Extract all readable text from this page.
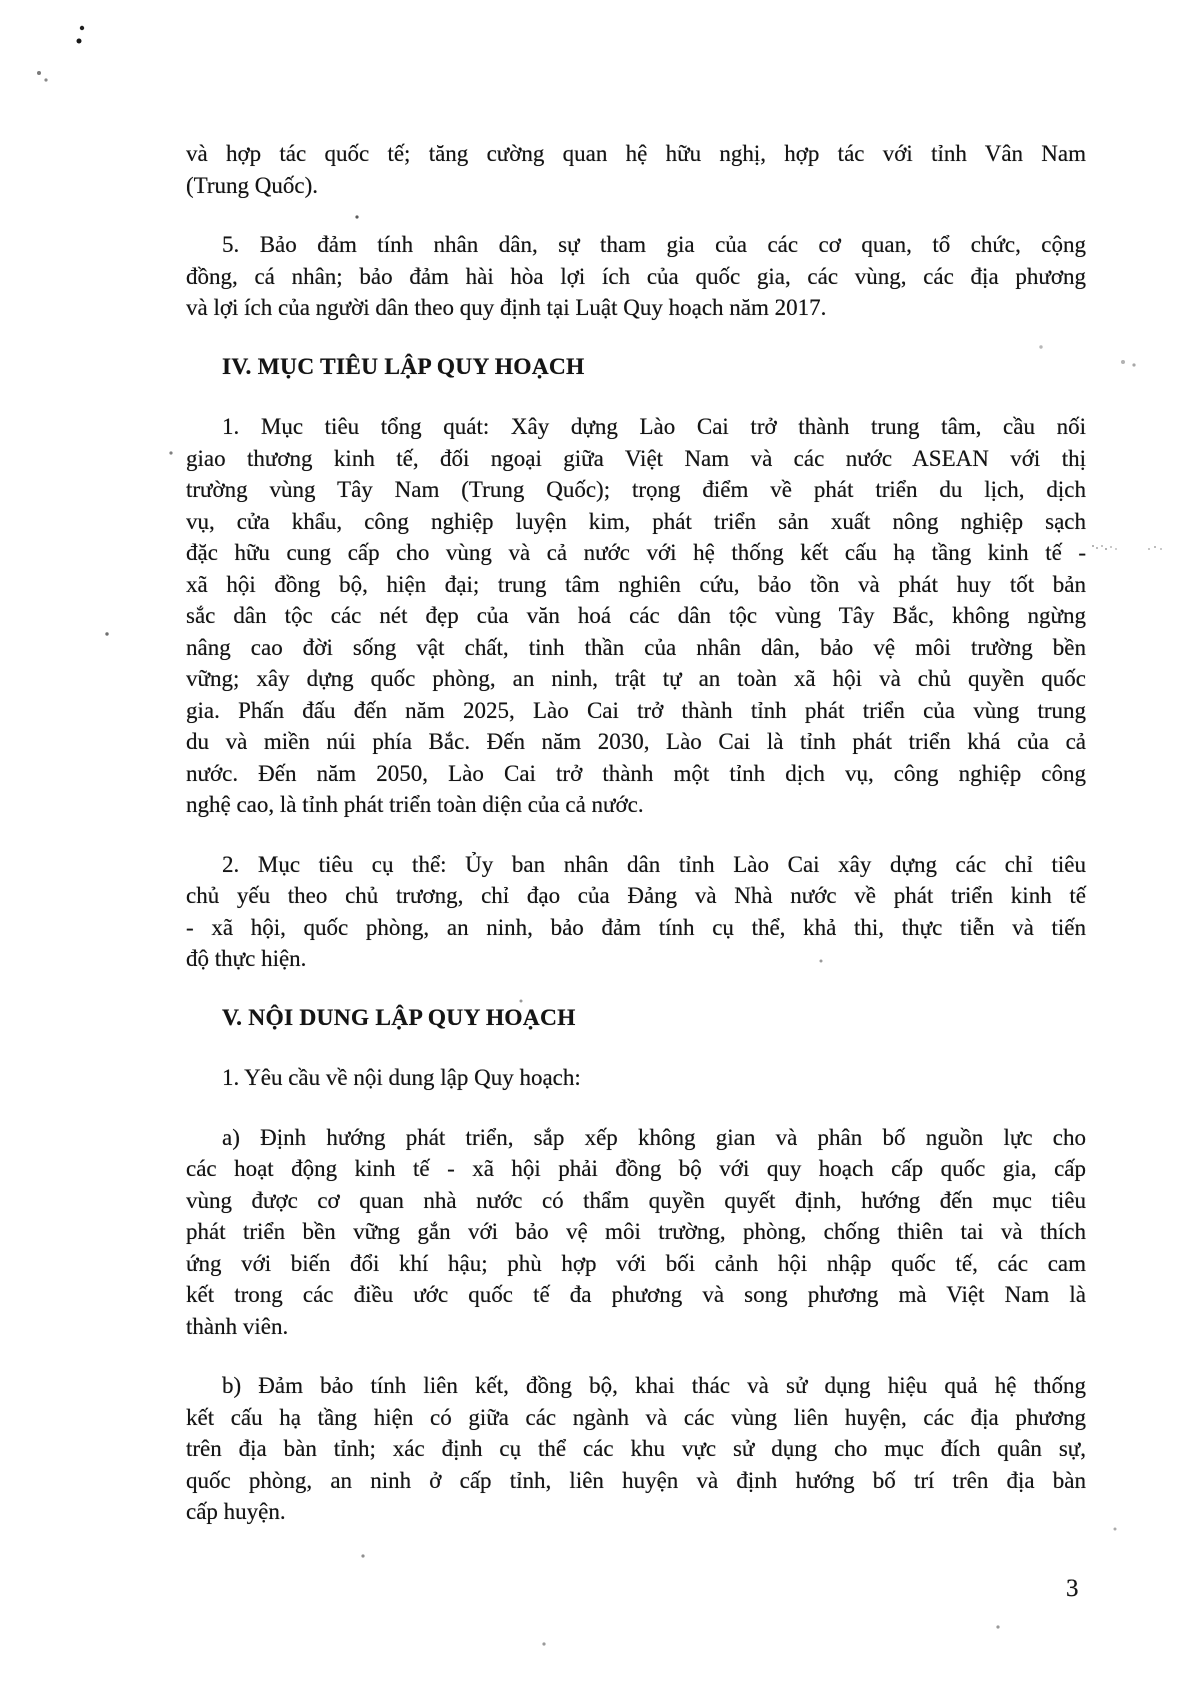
và hợp tác quốc tế; tăng cường quan hệ hữu nghị, hợp tác với tỉnh Vân Nam
(Trung Quốc).
5. Bảo đảm tính nhân dân, sự tham gia của các cơ quan, tổ chức, cộng
đồng, cá nhân; bảo đảm hài hòa lợi ích của quốc gia, các vùng, các địa phương
và lợi ích của người dân theo quy định tại Luật Quy hoạch năm 2017.
IV. MỤC TIÊU LẬP QUY HOẠCH
1. Mục tiêu tổng quát: Xây dựng Lào Cai trở thành trung tâm, cầu nối
giao thương kinh tế, đối ngoại giữa Việt Nam và các nước ASEAN với thị
trường vùng Tây Nam (Trung Quốc); trọng điểm về phát triển du lịch, dịch
vụ, cửa khẩu, công nghiệp luyện kim, phát triển sản xuất nông nghiệp sạch
đặc hữu cung cấp cho vùng và cả nước với hệ thống kết cấu hạ tầng kinh tế -
xã hội đồng bộ, hiện đại; trung tâm nghiên cứu, bảo tồn và phát huy tốt bản
sắc dân tộc các nét đẹp của văn hoá các dân tộc vùng Tây Bắc, không ngừng
nâng cao đời sống vật chất, tinh thần của nhân dân, bảo vệ môi trường bền
vững; xây dựng quốc phòng, an ninh, trật tự an toàn xã hội và chủ quyền quốc
gia. Phấn đấu đến năm 2025, Lào Cai trở thành tỉnh phát triển của vùng trung
du và miền núi phía Bắc. Đến năm 2030, Lào Cai là tỉnh phát triển khá của cả
nước. Đến năm 2050, Lào Cai trở thành một tỉnh dịch vụ, công nghiệp công
nghệ cao, là tỉnh phát triển toàn diện của cả nước.
2. Mục tiêu cụ thể: Ủy ban nhân dân tỉnh Lào Cai xây dựng các chỉ tiêu
chủ yếu theo chủ trương, chỉ đạo của Đảng và Nhà nước về phát triển kinh tế
- xã hội, quốc phòng, an ninh, bảo đảm tính cụ thể, khả thi, thực tiễn và tiến
độ thực hiện.
V. NỘI DUNG LẬP QUY HOẠCH
1. Yêu cầu về nội dung lập Quy hoạch:
a) Định hướng phát triển, sắp xếp không gian và phân bố nguồn lực cho
các hoạt động kinh tế - xã hội phải đồng bộ với quy hoạch cấp quốc gia, cấp
vùng được cơ quan nhà nước có thẩm quyền quyết định, hướng đến mục tiêu
phát triển bền vững gắn với bảo vệ môi trường, phòng, chống thiên tai và thích
ứng với biến đổi khí hậu; phù hợp với bối cảnh hội nhập quốc tế, các cam
kết trong các điều ước quốc tế đa phương và song phương mà Việt Nam là
thành viên.
b) Đảm bảo tính liên kết, đồng bộ, khai thác và sử dụng hiệu quả hệ thống
kết cấu hạ tầng hiện có giữa các ngành và các vùng liên huyện, các địa phương
trên địa bàn tỉnh; xác định cụ thể các khu vực sử dụng cho mục đích quân sự,
quốc phòng, an ninh ở cấp tỉnh, liên huyện và định hướng bố trí trên địa bàn
cấp huyện.
3
